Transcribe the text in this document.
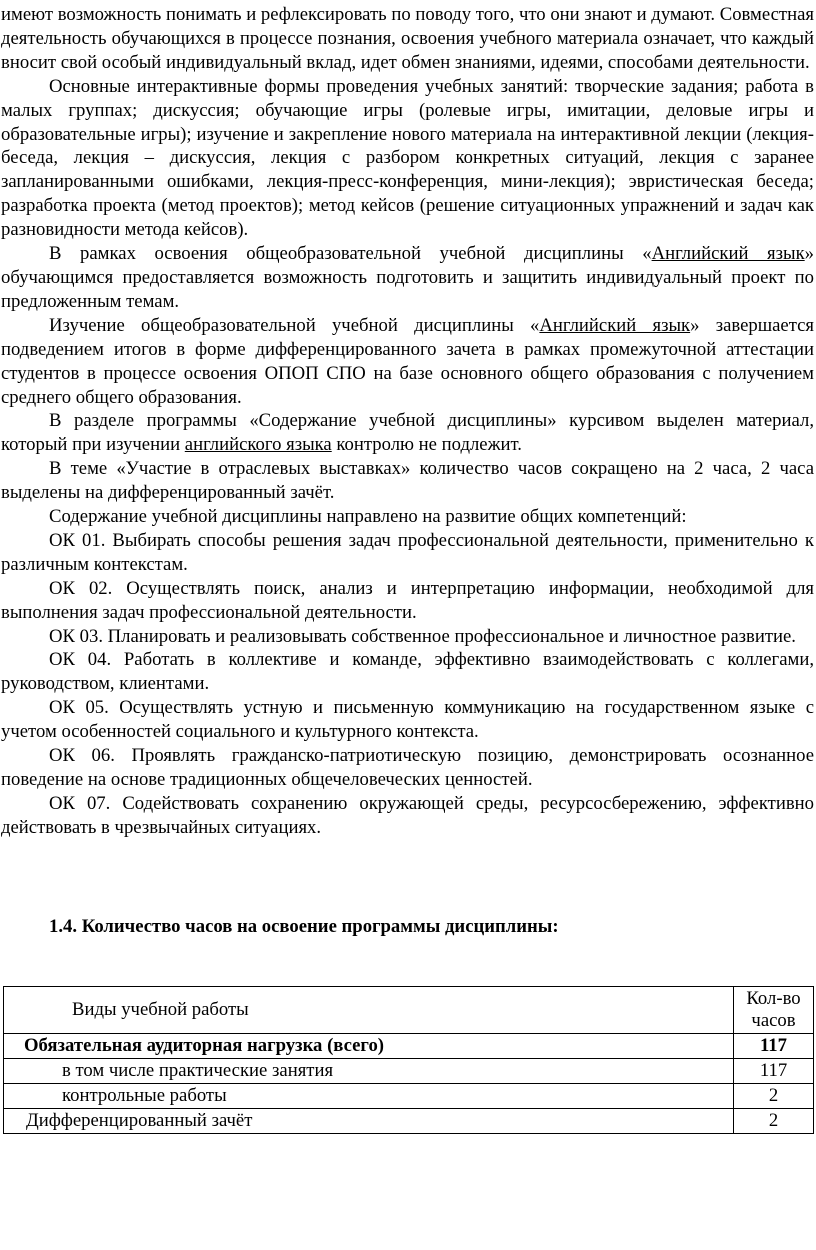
имеют возможность понимать и рефлексировать по поводу того, что они знают и думают. Совместная деятельность обучающихся в процессе познания, освоения учебного материала означает, что каждый вносит свой особый индивидуальный вклад, идет обмен знаниями, идеями, способами деятельности.

Основные интерактивные формы проведения учебных занятий: творческие задания; работа в малых группах; дискуссия; обучающие игры (ролевые игры, имитации, деловые игры и образовательные игры); изучение и закрепление нового материала на интерактивной лекции (лекция-беседа, лекция – дискуссия, лекция с разбором конкретных ситуаций, лекция с заранее запланированными ошибками, лекция-пресс-конференция, мини-лекция); эвристическая беседа; разработка проекта (метод проектов); метод кейсов (решение ситуационных упражнений и задач как разновидности метода кейсов).

В рамках освоения общеобразовательной учебной дисциплины «Английский язык» обучающимся предоставляется возможность подготовить и защитить индивидуальный проект по предложенным темам.

Изучение общеобразовательной учебной дисциплины «Английский язык» завершается подведением итогов в форме дифференцированного зачета в рамках промежуточной аттестации студентов в процессе освоения ОПОП СПО на базе основного общего образования с получением среднего общего образования.

В разделе программы «Содержание учебной дисциплины» курсивом выделен материал, который при изучении английского языка контролю не подлежит.

В теме «Участие в отраслевых выставках» количество часов сокращено на 2 часа, 2 часа выделены на дифференцированный зачёт.

Содержание учебной дисциплины направлено на развитие общих компетенций:

ОК 01. Выбирать способы решения задач профессиональной деятельности, применительно к различным контекстам.

ОК 02. Осуществлять поиск, анализ и интерпретацию информации, необходимой для выполнения задач профессиональной деятельности.

ОК 03. Планировать и реализовывать собственное профессиональное и личностное развитие.

ОК 04. Работать в коллективе и команде, эффективно взаимодействовать с коллегами, руководством, клиентами.

ОК 05. Осуществлять устную и письменную коммуникацию на государственном языке с учетом особенностей социального и культурного контекста.

ОК 06. Проявлять гражданско-патриотическую позицию, демонстрировать осознанное поведение на основе традиционных общечеловеческих ценностей.

ОК 07. Содействовать сохранению окружающей среды, ресурсосбережению, эффективно действовать в чрезвычайных ситуациях.

1.4. Количество часов на освоение программы дисциплины:
Виды учебной работы	Кол-во часов
Обязательная аудиторная нагрузка (всего)	117
в том числе практические занятия	117
контрольные работы	2
Дифференцированный зачёт	2
